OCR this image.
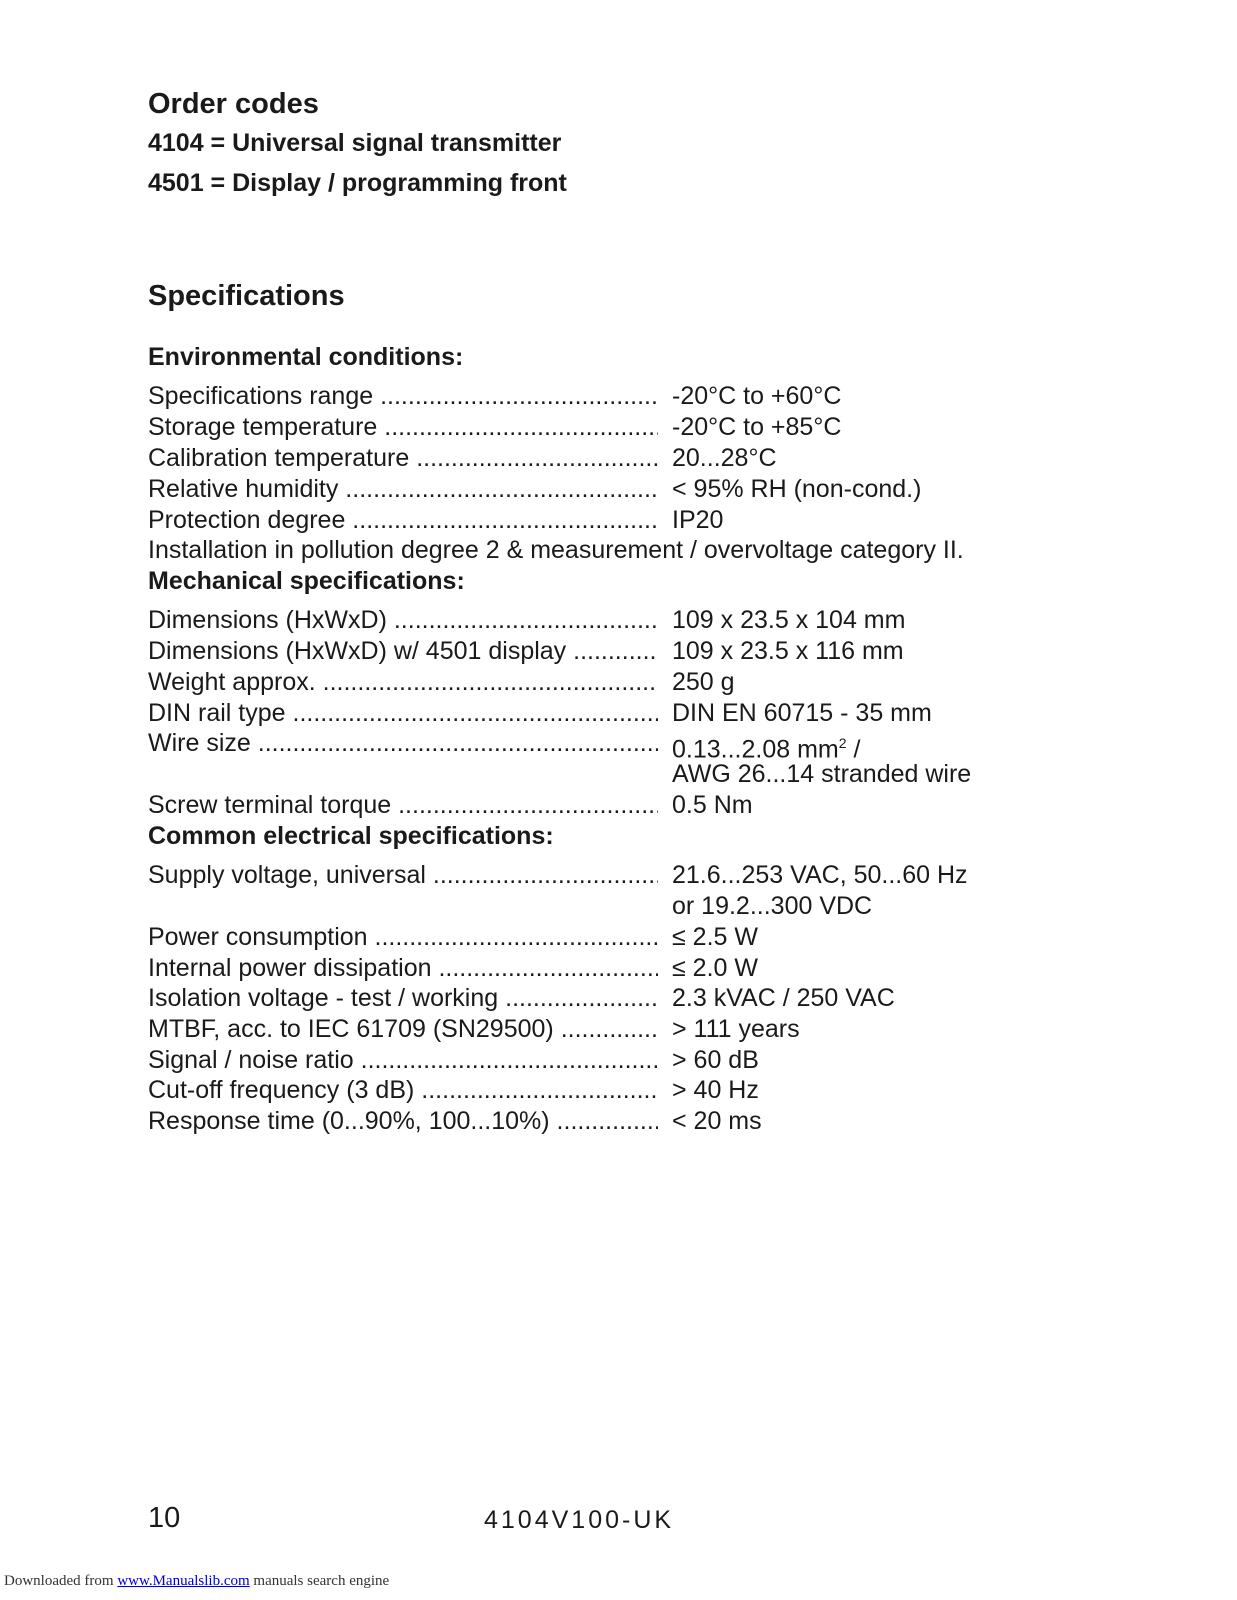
Order codes
4104 = Universal signal transmitter
4501 = Display / programming front
Specifications
Environmental conditions:
Specifications range .....	-20°C to +60°C
Storage temperature .....	-20°C to +85°C
Calibration temperature .....	20...28°C
Relative humidity .....	< 95% RH (non-cond.)
Protection degree .....	IP20
Installation in pollution degree 2 & measurement / overvoltage category II.
Mechanical specifications:
Dimensions (HxWxD) .....	109 x 23.5 x 104 mm
Dimensions (HxWxD) w/ 4501 display .....	109 x 23.5 x 116 mm
Weight approx. .....	250 g
DIN rail type .....	DIN EN 60715 - 35 mm
Wire size .....	0.13...2.08 $mm^2$ /
AWG 26...14 stranded wire
Screw terminal torque .....	0.5 Nm
Common electrical specifications:
Supply voltage, universal .....	21.6...253 VAC, 50...60 Hz
or 19.2...300 VDC
Power consumption .....	≤ 2.5 W
Internal power dissipation .....	≤ 2.0 W
Isolation voltage - test / working .....	2.3 kVAC / 250 VAC
MTBF, acc. to IEC 61709 (SN29500) .....	> 111 years
Signal / noise ratio .....	> 60 dB
Cut-off frequency (3 dB) .....	> 40 Hz
Response time (0...90%, 100...10%) .....	< 20 ms
10	4104V100-UK
Downloaded from www.Manualslib.com manuals search engine
